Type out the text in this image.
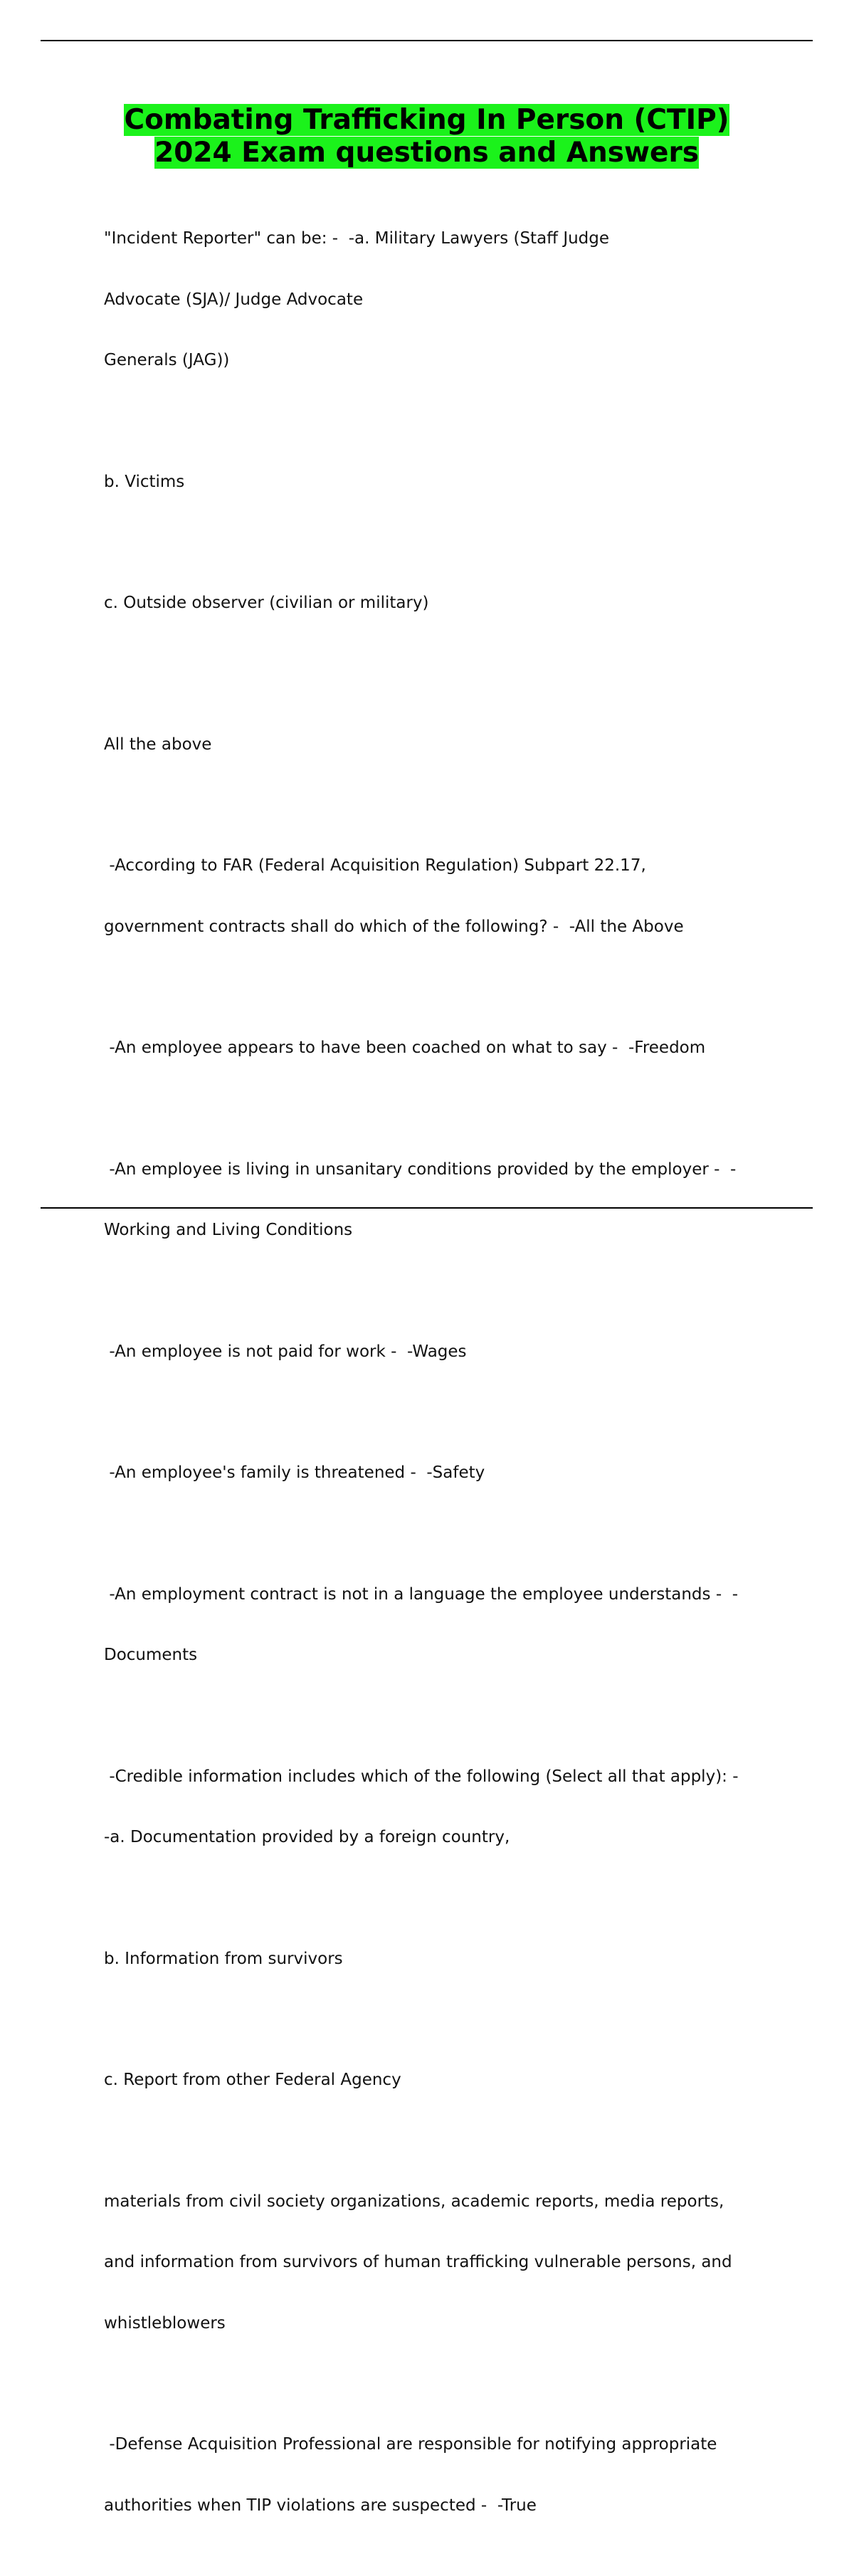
Combating Trafficking In Person (CTIP)
2024 Exam questions and Answers

"Incident Reporter" can be: -  -a. Military Lawyers (Staff Judge

Advocate (SJA)/ Judge Advocate

Generals (JAG))

b. Victims

c. Outside observer (civilian or military)

All the above

-According to FAR (Federal Acquisition Regulation) Subpart 22.17,

government contracts shall do which of the following? -  -All the Above

-An employee appears to have been coached on what to say -  -Freedom

-An employee is living in unsanitary conditions provided by the employer -  -

Working and Living Conditions

-An employee is not paid for work -  -Wages

-An employee's family is threatened -  -Safety

-An employment contract is not in a language the employee understands -  -

Documents

-Credible information includes which of the following (Select all that apply): -

-a. Documentation provided by a foreign country,

b. Information from survivors

c. Report from other Federal Agency

materials from civil society organizations, academic reports, media reports,

and information from survivors of human trafficking vulnerable persons, and

whistleblowers

-Defense Acquisition Professional are responsible for notifying appropriate

authorities when TIP violations are suspected -  -True
